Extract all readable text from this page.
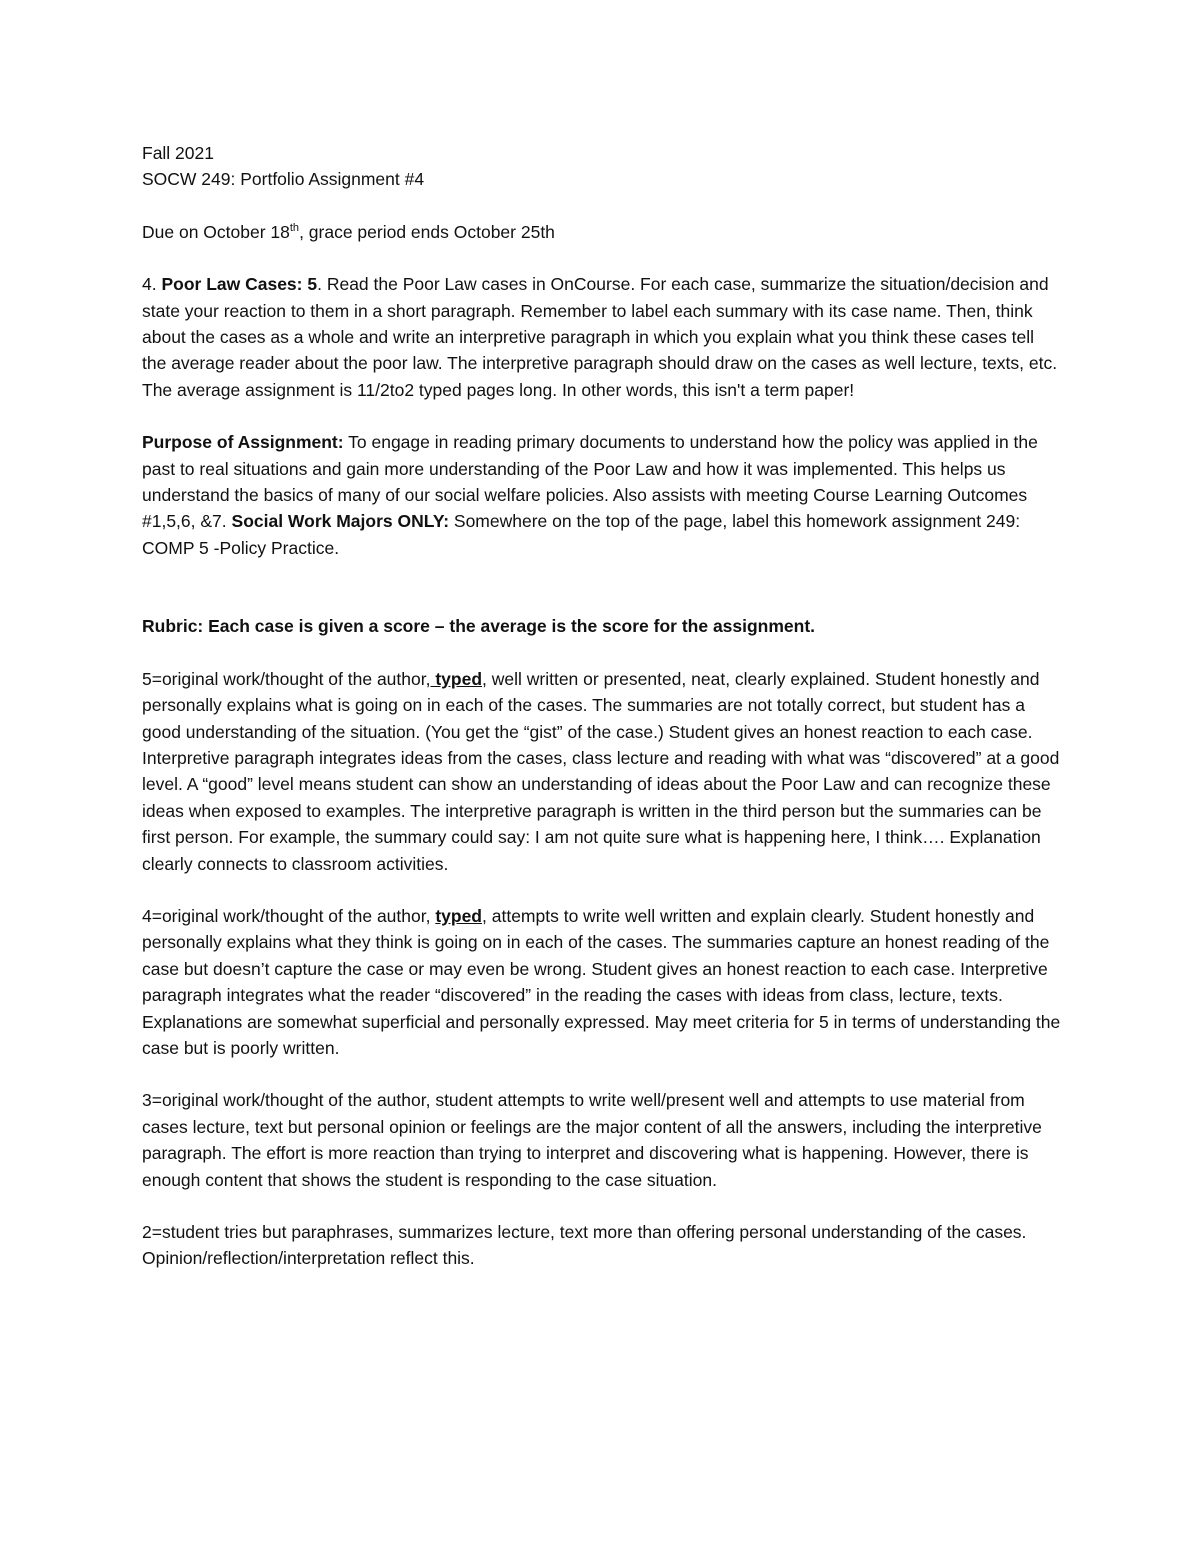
Fall 2021
SOCW 249: Portfolio Assignment #4
Due on October 18th, grace period ends October 25th

4. Poor Law Cases: 5. Read the Poor Law cases in OnCourse. For each case, summarize the situation/decision and state your reaction to them in a short paragraph. Remember to label each summary with its case name. Then, think about the cases as a whole and write an interpretive paragraph in which you explain what you think these cases tell the average reader about the poor law. The interpretive paragraph should draw on the cases as well lecture, texts, etc. The average assignment is 11/2to2 typed pages long. In other words, this isn't a term paper!

Purpose of Assignment: To engage in reading primary documents to understand how the policy was applied in the past to real situations and gain more understanding of the Poor Law and how it was implemented. This helps us understand the basics of many of our social welfare policies. Also assists with meeting Course Learning Outcomes #1,5,6, &7. Social Work Majors ONLY: Somewhere on the top of the page, label this homework assignment 249: COMP 5 -Policy Practice.

Rubric: Each case is given a score – the average is the score for the assignment.

5=original work/thought of the author, typed, well written or presented, neat, clearly explained. Student honestly and personally explains what is going on in each of the cases. The summaries are not totally correct, but student has a good understanding of the situation. (You get the “gist” of the case.) Student gives an honest reaction to each case. Interpretive paragraph integrates ideas from the cases, class lecture and reading with what was “discovered” at a good level. A “good” level means student can show an understanding of ideas about the Poor Law and can recognize these ideas when exposed to examples. The interpretive paragraph is written in the third person but the summaries can be first person. For example, the summary could say: I am not quite sure what is happening here, I think…. Explanation clearly connects to classroom activities.

4=original work/thought of the author, typed, attempts to write well written and explain clearly. Student honestly and personally explains what they think is going on in each of the cases. The summaries capture an honest reading of the case but doesn’t capture the case or may even be wrong. Student gives an honest reaction to each case. Interpretive paragraph integrates what the reader “discovered” in the reading the cases with ideas from class, lecture, texts. Explanations are somewhat superficial and personally expressed. May meet criteria for 5 in terms of understanding the case but is poorly written.

3=original work/thought of the author, student attempts to write well/present well and attempts to use material from cases lecture, text but personal opinion or feelings are the major content of all the answers, including the interpretive paragraph. The effort is more reaction than trying to interpret and discovering what is happening. However, there is enough content that shows the student is responding to the case situation.

2=student tries but paraphrases, summarizes lecture, text more than offering personal understanding of the cases. Opinion/reflection/interpretation reflect this.
